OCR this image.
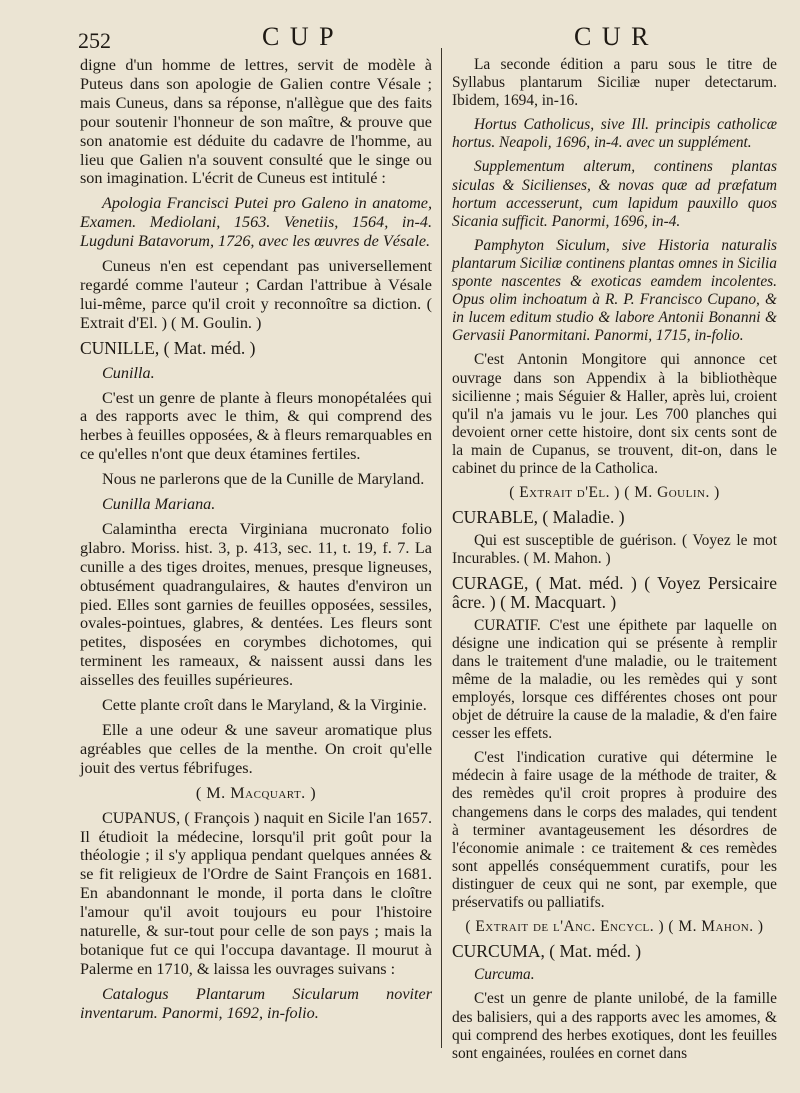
252	C U P	C U R

digne d'un homme de lettres, servit de modèle à Puteus dans son apologie de Galien contre Vésale ; mais Cuneus, dans sa réponse, n'allègue que des faits pour soutenir l'honneur de son maître, & prouve que son anatomie est déduite du cadavre de l'homme, au lieu que Galien n'a souvent consulté que le singe ou son imagination. L'écrit de Cuneus est intitulé :

Apologia Francisci Putei pro Galeno in anatome, Examen. Mediolani, 1563. Venetiis, 1564, in-4. Lugduni Batavorum, 1726, avec les œuvres de Vésale.

Cuneus n'en est cependant pas universellement regardé comme l'auteur ; Cardan l'attribue à Vésale lui-même, parce qu'il croit y reconnoître sa diction. ( Extrait d'El. ) ( M. Goulin. )

CUNILLE, ( Mat. méd. )

Cunilla.

C'est un genre de plante à fleurs monopétalées qui a des rapports avec le thim, & qui comprend des herbes à feuilles opposées, & à fleurs remarquables en ce qu'elles n'ont que deux étamines fertiles.

Nous ne parlerons que de la Cunille de Maryland.

Cunilla Mariana.

Calamintha erecta Virginiana mucronato folio glabro. Moriss. hist. 3, p. 413, sec. 11, t. 19, f. 7. La cunille a des tiges droites, menues, presque ligneuses, obtusément quadrangulaires, & hautes d'environ un pied. Elles sont garnies de feuilles opposées, sessiles, ovales-pointues, glabres, & dentées. Les fleurs sont petites, disposées en corymbes dichotomes, qui terminent les rameaux, & naissent aussi dans les aisselles des feuilles supérieures.

Cette plante croît dans le Maryland, & la Virginie.

Elle a une odeur & une saveur aromatique plus agréables que celles de la menthe. On croit qu'elle jouit des vertus fébrifuges.

( M. Macquart. )

CUPANUS, ( François ) naquit en Sicile l'an 1657. Il étudioit la médecine, lorsqu'il prit goût pour la théologie ; il s'y appliqua pendant quelques années & se fit religieux de l'Ordre de Saint François en 1681. En abandonnant le monde, il porta dans le cloître l'amour qu'il avoit toujours eu pour l'histoire naturelle, & sur-tout pour celle de son pays ; mais la botanique fut ce qui l'occupa davantage. Il mourut à Palerme en 1710, & laissa les ouvrages suivans :

Catalogus Plantarum Sicularum noviter inventarum. Panormi, 1692, in-folio.

La seconde édition a paru sous le titre de Syllabus plantarum Siciliæ nuper detectarum. Ibidem, 1694, in-16.

Hortus Catholicus, sive Ill. principis catholicæ hortus. Neapoli, 1696, in-4. avec un supplément.

Supplementum alterum, continens plantas siculas & Sicilienses, & novas quæ ad præfatum hortum accesserunt, cum lapidum pauxillo quos Sicania sufficit. Panormi, 1696, in-4.

Pamphyton Siculum, sive Historia naturalis plantarum Siciliæ continens plantas omnes in Sicilia sponte nascentes & exoticas eamdem incolentes. Opus olim inchoatum à R. P. Francisco Cupano, & in lucem editum studio & labore Antonii Bonanni & Gervasii Panormitani. Panormi, 1715, in-folio.

C'est Antonin Mongitore qui annonce cet ouvrage dans son Appendix à la bibliothèque sicilienne ; mais Séguier & Haller, après lui, croient qu'il n'a jamais vu le jour. Les 700 planches qui devoient orner cette histoire, dont six cents sont de la main de Cupanus, se trouvent, dit-on, dans le cabinet du prince de la Catholica.

( Extrait d'El. ) ( M. Goulin. )

CURABLE, ( Maladie. )

Qui est susceptible de guérison. ( Voyez le mot Incurables. ( M. Mahon. )

CURAGE, ( Mat. méd. ) ( Voyez Persicaire âcre. ) ( M. Macquart. )

CURATIF. C'est une épithete par laquelle on désigne une indication qui se présente à remplir dans le traitement d'une maladie, ou le traitement même de la maladie, ou les remèdes qui y sont employés, lorsque ces différentes choses ont pour objet de détruire la cause de la maladie, & d'en faire cesser les effets.

C'est l'indication curative qui détermine le médecin à faire usage de la méthode de traiter, & des remèdes qu'il croit propres à produire des changemens dans le corps des malades, qui tendent à terminer avantageusement les désordres de l'économie animale : ce traitement & ces remèdes sont appellés conséquemment curatifs, pour les distinguer de ceux qui ne sont, par exemple, que préservatifs ou palliatifs.

( Extrait de l'Anc. Encycl. ) ( M. Mahon. )

CURCUMA, ( Mat. méd. )

Curcuma.

C'est un genre de plante unilobé, de la famille des balisiers, qui a des rapports avec les amomes, & qui comprend des herbes exotiques, dont les feuilles sont engainées, roulées en cornet dans
